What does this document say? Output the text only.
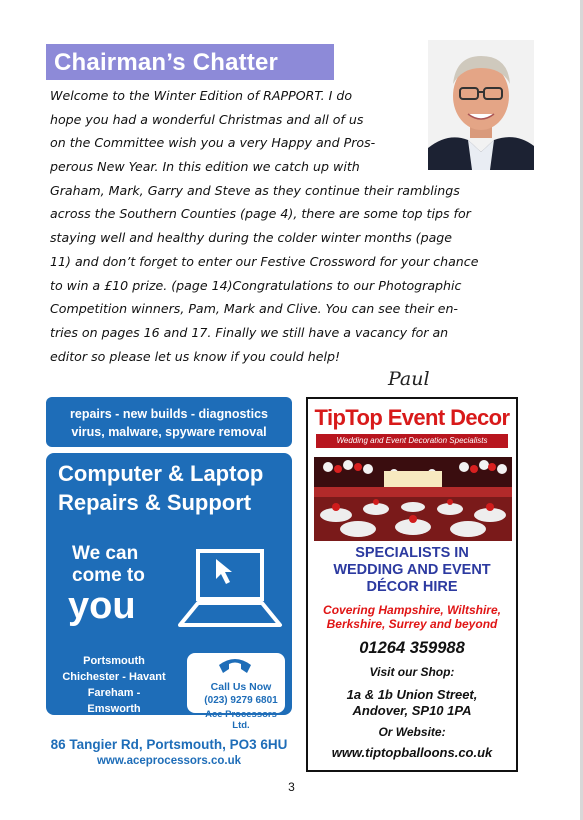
Chairman’s Chatter
Welcome to the Winter Edition of RAPPORT. I do
hope you had a wonderful Christmas and all of us
on the Committee wish you a very Happy and Pros-
perous New Year. In this edition we catch up with
Graham, Mark, Garry and Steve as they continue their ramblings
across the Southern Counties (page 4), there are some top tips for
staying well and healthy during the colder winter months (page
11) and don’t forget to enter our Festive Crossword for your chance
to win a £10 prize. (page 14)Congratulations to our Photographic
Competition winners, Pam, Mark and Clive. You can see their en-
tries on pages 16 and 17. Finally we still have a vacancy for an
editor so please let us know if you could help!
Paul
repairs - new builds - diagnostics
virus, malware, spyware removal
Computer & Laptop
Repairs & Support
We can
come to
you
Portsmouth
Chichester - Havant
Fareham - Emsworth
Waterlooville
Call Us Now
(023) 9279 6801
Ace Processors Ltd.
86 Tangier Rd, Portsmouth, PO3 6HU
www.aceprocessors.co.uk
TipTop Event Decor
Wedding and Event Decoration Specialists
SPECIALISTS IN
WEDDING AND EVENT
DÉCOR HIRE
Covering Hampshire, Wiltshire,
Berkshire, Surrey and beyond
01264 359988
Visit our Shop:
1a & 1b Union Street,
Andover, SP10 1PA
Or Website:
www.tiptopballoons.co.uk
3
